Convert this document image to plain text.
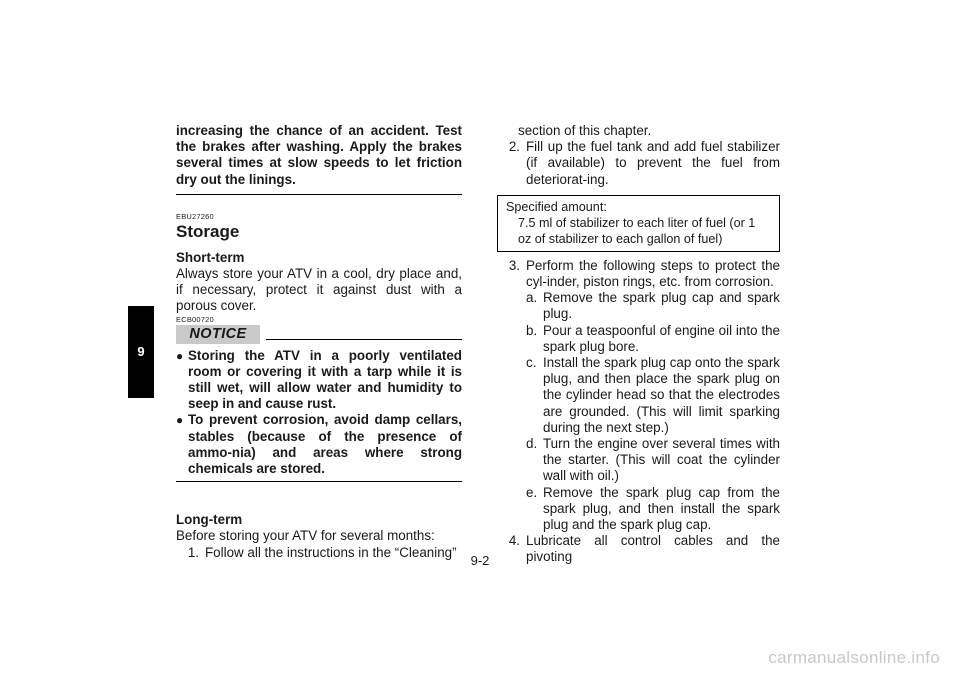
9
increasing the chance of an accident. Test the brakes after washing. Apply the brakes several times at slow speeds to let friction dry out the linings.
EBU27260
Storage
Short-term
Always store your ATV in a cool, dry place and, if necessary, protect it against dust with a porous cover.
ECB00720
NOTICE
● Storing the ATV in a poorly ventilated room or covering it with a tarp while it is still wet, will allow water and humidity to seep in and cause rust.
● To prevent corrosion, avoid damp cellars, stables (because of the presence of ammo-nia) and areas where strong chemicals are stored.
Long-term
Before storing your ATV for several months:
1. Follow all the instructions in the “Cleaning”
section of this chapter.
2. Fill up the fuel tank and add fuel stabilizer (if available) to prevent the fuel from deteriorat-ing.
Specified amount:
7.5 ml of stabilizer to each liter of fuel (or 1 oz of stabilizer to each gallon of fuel)
3. Perform the following steps to protect the cyl-inder, piston rings, etc. from corrosion.
a. Remove the spark plug cap and spark plug.
b. Pour a teaspoonful of engine oil into the spark plug bore.
c. Install the spark plug cap onto the spark plug, and then place the spark plug on the cylinder head so that the electrodes are grounded. (This will limit sparking during the next step.)
d. Turn the engine over several times with the starter. (This will coat the cylinder wall with oil.)
e. Remove the spark plug cap from the spark plug, and then install the spark plug and the spark plug cap.
4. Lubricate all control cables and the pivoting
9-2
carmanualsonline.info
